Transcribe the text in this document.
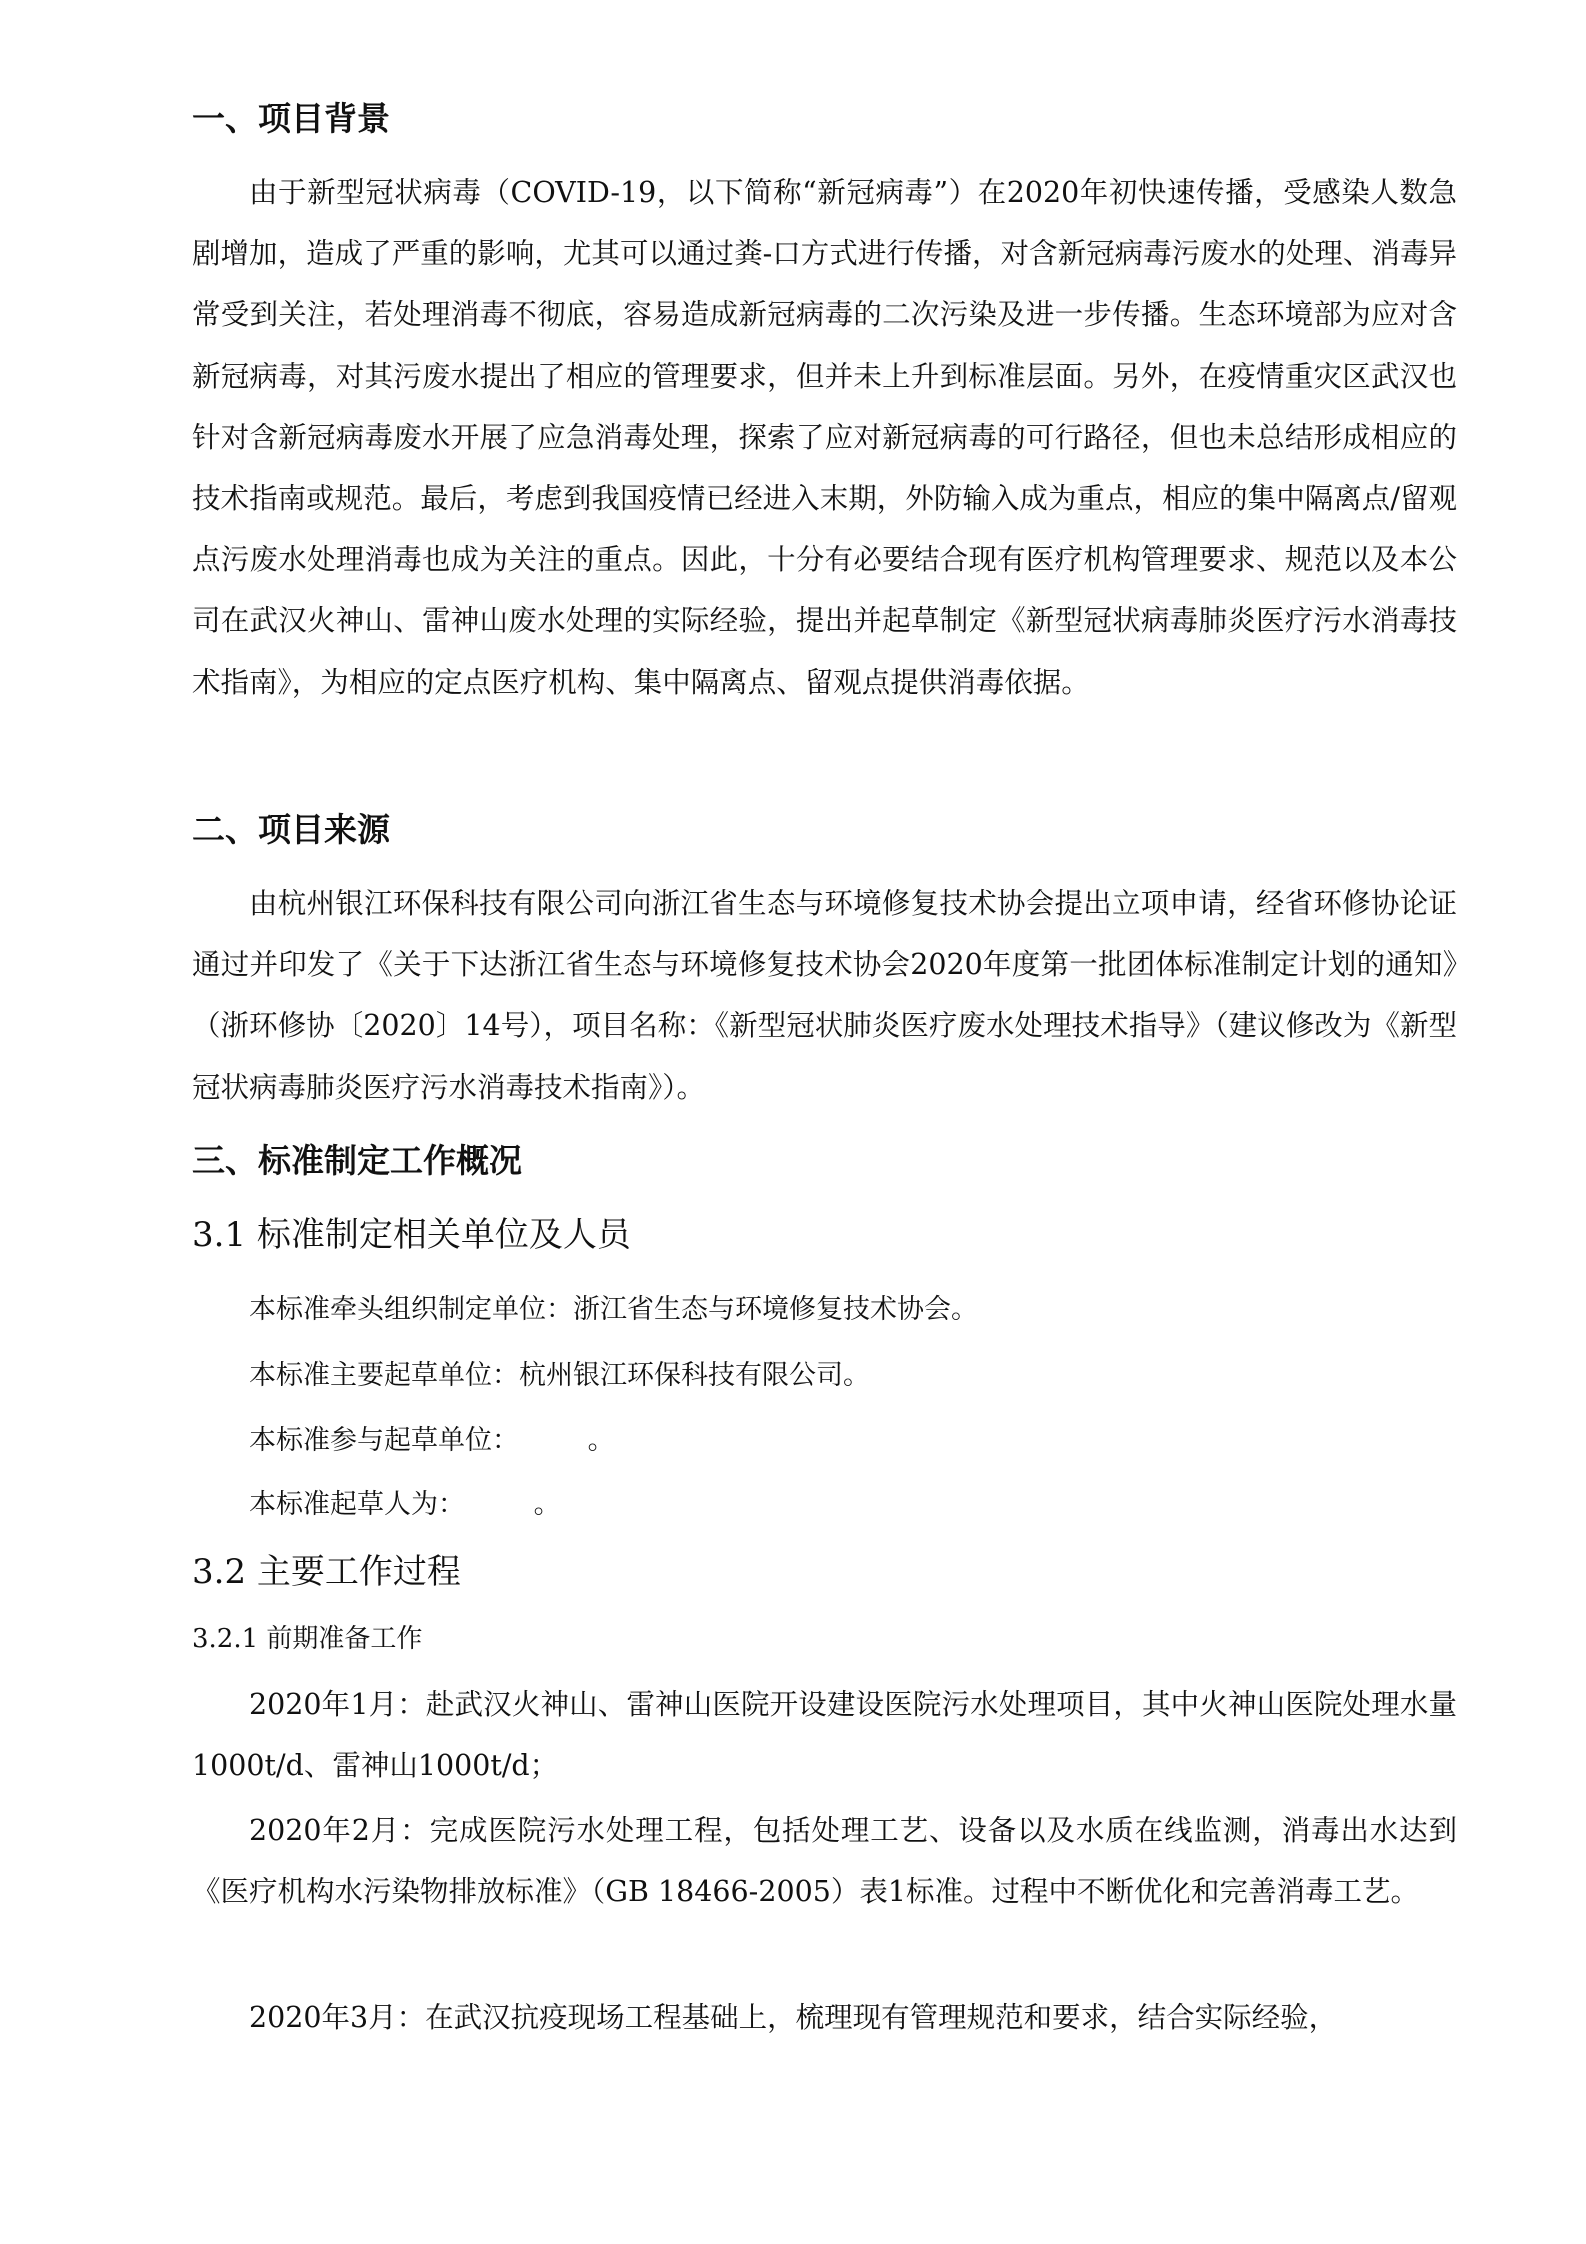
一、项目背景

由于新型冠状病毒（COVID-19，以下简称“新冠病毒”）在2020年初快速传播，受感染人数急剧增加，造成了严重的影响，尤其可以通过粪-口方式进行传播，对含新冠病毒污废水的处理、消毒异常受到关注，若处理消毒不彻底，容易造成新冠病毒的二次污染及进一步传播。生态环境部为应对含新冠病毒，对其污废水提出了相应的管理要求，但并未上升到标准层面。另外，在疫情重灾区武汉也针对含新冠病毒废水开展了应急消毒处理，探索了应对新冠病毒的可行路径，但也未总结形成相应的技术指南或规范。最后，考虑到我国疫情已经进入末期，外防输入成为重点，相应的集中隔离点/留观点污废水处理消毒也成为关注的重点。因此，十分有必要结合现有医疗机构管理要求、规范以及本公司在武汉火神山、雷神山废水处理的实际经验，提出并起草制定《新型冠状病毒肺炎医疗污水消毒技术指南》，为相应的定点医疗机构、集中隔离点、留观点提供消毒依据。

二、项目来源

由杭州银江环保科技有限公司向浙江省生态与环境修复技术协会提出立项申请，经省环修协论证通过并印发了《关于下达浙江省生态与环境修复技术协会2020年度第一批团体标准制定计划的通知》（浙环修协〔2020〕14号），项目名称：《新型冠状肺炎医疗废水处理技术指导》（建议修改为《新型冠状病毒肺炎医疗污水消毒技术指南》）。

三、标准制定工作概况
3.1 标准制定相关单位及人员
本标准牵头组织制定单位：浙江省生态与环境修复技术协会。
本标准主要起草单位：杭州银江环保科技有限公司。
本标准参与起草单位：        。
本标准起草人为：        。
3.2 主要工作过程
3.2.1 前期准备工作

2020年1月：赴武汉火神山、雷神山医院开设建设医院污水处理项目，其中火神山医院处理水量1000t/d、雷神山1000t/d；

2020年2月：完成医院污水处理工程，包括处理工艺、设备以及水质在线监测，消毒出水达到《医疗机构水污染物排放标准》（GB 18466-2005）表1标准。过程中不断优化和完善消毒工艺。

2020年3月：在武汉抗疫现场工程基础上，梳理现有管理规范和要求，结合实际经验，
